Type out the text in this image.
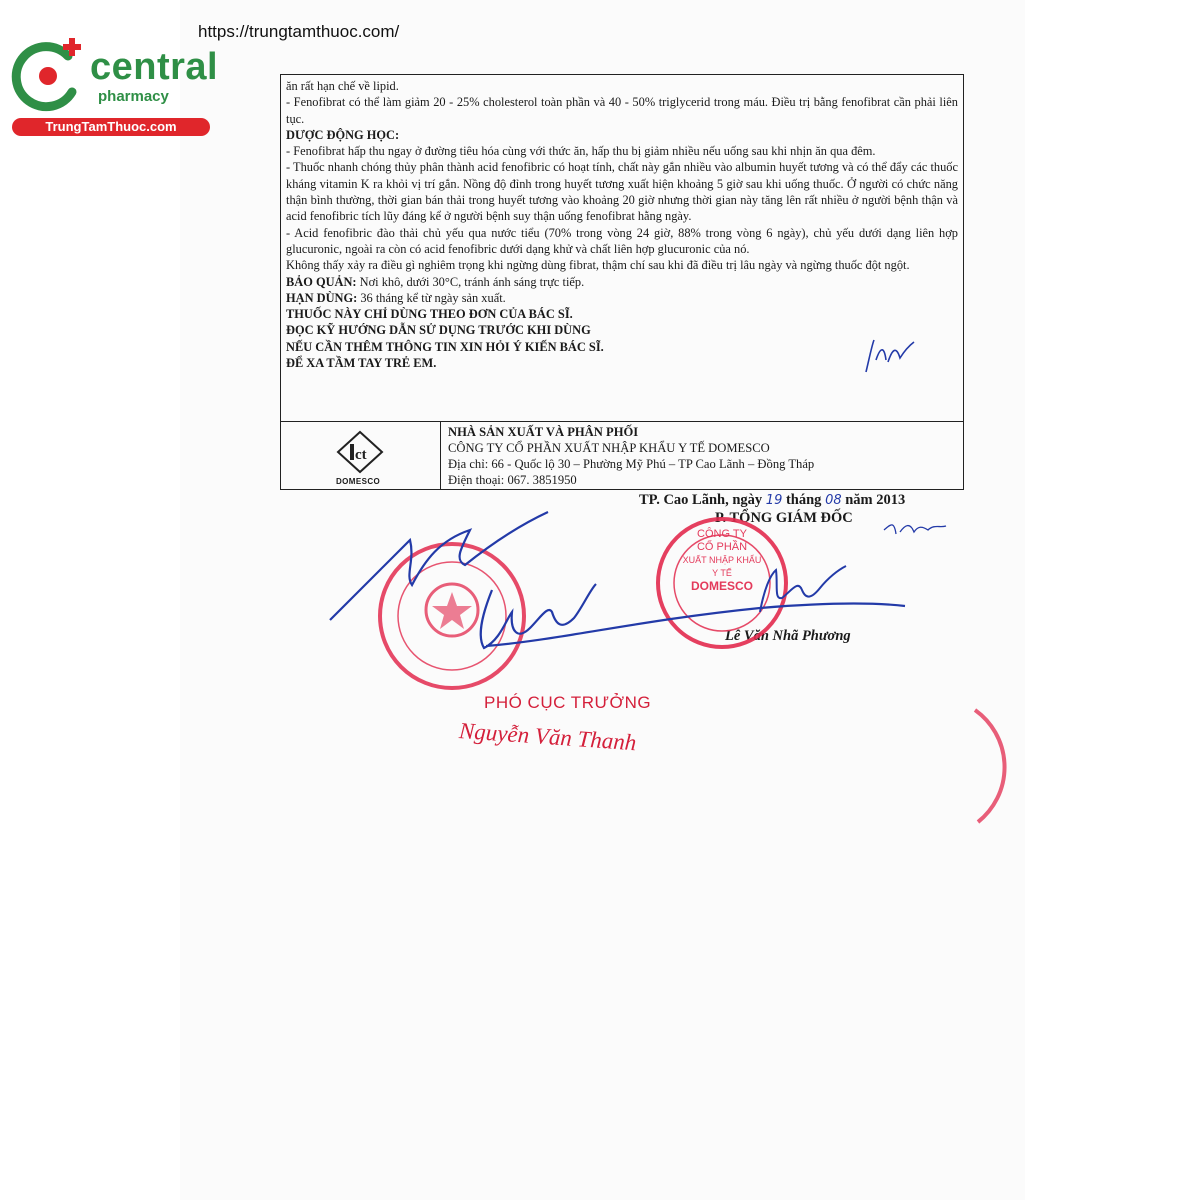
https://trungtamthuoc.com/
central
pharmacy
TrungTamThuoc.com

ăn rất hạn chế về lipid.

- Fenofibrat có thể làm giảm 20 - 25% cholesterol toàn phần và 40 - 50% triglycerid trong máu. Điều trị bằng fenofibrat cần phải liên tục.

DƯỢC ĐỘNG HỌC:

- Fenofibrat hấp thu ngay ở đường tiêu hóa cùng với thức ăn, hấp thu bị giảm nhiều nếu uống sau khi nhịn ăn qua đêm.

- Thuốc nhanh chóng thủy phân thành acid fenofibric có hoạt tính, chất này gắn nhiều vào albumin huyết tương và có thể đẩy các thuốc kháng vitamin K ra khỏi vị trí gắn. Nồng độ đỉnh trong huyết tương xuất hiện khoảng 5 giờ sau khi uống thuốc. Ở người có chức năng thận bình thường, thời gian bán thải trong huyết tương vào khoảng 20 giờ nhưng thời gian này tăng lên rất nhiều ở người bệnh thận và acid fenofibric tích lũy đáng kể ở người bệnh suy thận uống fenofibrat hằng ngày.

- Acid fenofibric đào thải chủ yếu qua nước tiểu (70% trong vòng 24 giờ, 88% trong vòng 6 ngày), chủ yếu dưới dạng liên hợp glucuronic, ngoài ra còn có acid fenofibric dưới dạng khử và chất liên hợp glucuronic của nó.

Không thấy xảy ra điều gì nghiêm trọng khi ngừng dùng fibrat, thậm chí sau khi đã điều trị lâu ngày và ngừng thuốc đột ngột.

BẢO QUẢN: Nơi khô, dưới 30°C, tránh ánh sáng trực tiếp.

HẠN DÙNG: 36 tháng kể từ ngày sản xuất.

THUỐC NÀY CHỈ DÙNG THEO ĐƠN CỦA BÁC SĨ.

ĐỌC KỸ HƯỚNG DẪN SỬ DỤNG TRƯỚC KHI DÙNG

NẾU CẦN THÊM THÔNG TIN XIN HỎI Ý KIẾN BÁC SĨ.

ĐỂ XA TẦM TAY TRẺ EM.

ct
DOMESCO
NHÀ SẢN XUẤT VÀ PHÂN PHỐI
CÔNG TY CỔ PHẦN XUẤT NHẬP KHẨU Y TẾ DOMESCO
Địa chỉ: 66 - Quốc lộ 30 – Phường Mỹ Phú – TP Cao Lãnh – Đồng Tháp
Điện thoại: 067. 3851950
TP. Cao Lãnh, ngày 19 tháng 08 năm 2013
P. TỔNG GIÁM ĐỐC
Lê Văn Nhã Phương
PHÓ CỤC TRƯỞNG
Nguyễn Văn Thanh
CÔNG TY
CỔ PHẦN
XUẤT NHẬP KHẨU
Y TẾ
DOMESCO
